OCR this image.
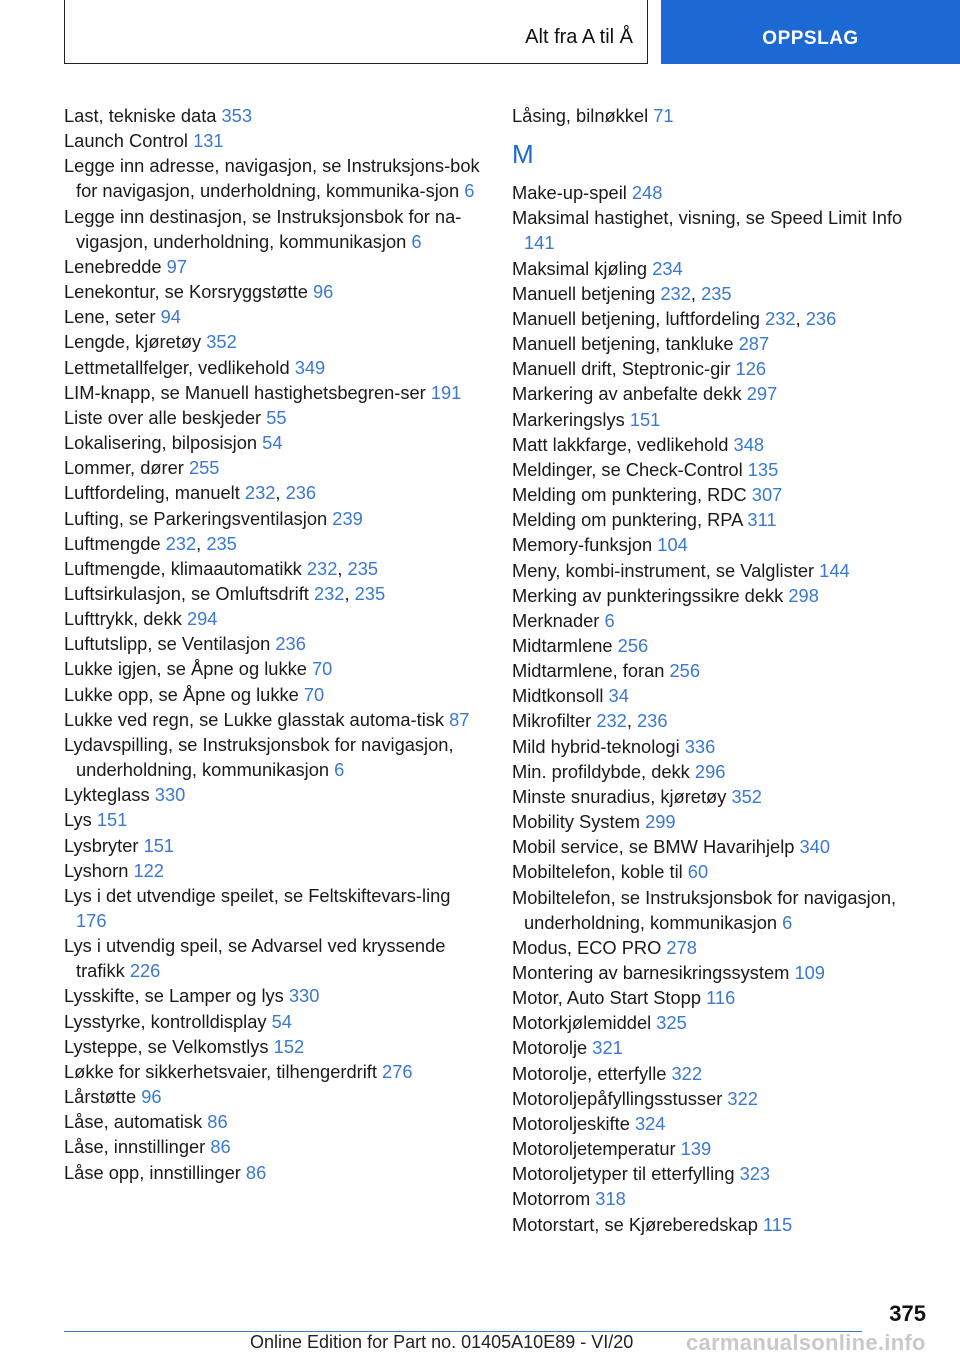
Alt fra A til Å	OPPSLAG

Last, tekniske data 353

Launch Control 131

Legge inn adresse, navigasjon, se Instruksjons-bok for navigasjon, underholdning, kommunika-sjon 6

Legge inn destinasjon, se Instruksjonsbok for na-vigasjon, underholdning, kommunikasjon 6

Lenebredde 97

Lenekontur, se Korsryggstøtte 96

Lene, seter 94

Lengde, kjøretøy 352

Lettmetallfelger, vedlikehold 349

LIM-knapp, se Manuell hastighetsbegren-ser 191

Liste over alle beskjeder 55

Lokalisering, bilposisjon 54

Lommer, dører 255

Luftfordeling, manuelt 232, 236

Lufting, se Parkeringsventilasjon 239

Luftmengde 232, 235

Luftmengde, klimaautomatikk 232, 235

Luftsirkulasjon, se Omluftsdrift 232, 235

Lufttrykk, dekk 294

Luftutslipp, se Ventilasjon 236

Lukke igjen, se Åpne og lukke 70

Lukke opp, se Åpne og lukke 70

Lukke ved regn, se Lukke glasstak automa-tisk 87

Lydavspilling, se Instruksjonsbok for navigasjon, underholdning, kommunikasjon 6

Lykteglass 330

Lys 151

Lysbryter 151

Lyshorn 122

Lys i det utvendige speilet, se Feltskiftevars-ling 176

Lys i utvendig speil, se Advarsel ved kryssende trafikk 226

Lysskifte, se Lamper og lys 330

Lysstyrke, kontrolldisplay 54

Lysteppe, se Velkomstlys 152

Løkke for sikkerhetsvaier, tilhengerdrift 276

Lårstøtte 96

Låse, automatisk 86

Låse, innstillinger 86

Låse opp, innstillinger 86

Låsing, bilnøkkel 71

M

Make-up-speil 248

Maksimal hastighet, visning, se Speed Limit Info 141

Maksimal kjøling 234

Manuell betjening 232, 235

Manuell betjening, luftfordeling 232, 236

Manuell betjening, tankluke 287

Manuell drift, Steptronic-gir 126

Markering av anbefalte dekk 297

Markeringslys 151

Matt lakkfarge, vedlikehold 348

Meldinger, se Check-Control 135

Melding om punktering, RDC 307

Melding om punktering, RPA 311

Memory-funksjon 104

Meny, kombi-instrument, se Valglister 144

Merking av punkteringssikre dekk 298

Merknader 6

Midtarmlene 256

Midtarmlene, foran 256

Midtkonsoll 34

Mikrofilter 232, 236

Mild hybrid-teknologi 336

Min. profildybde, dekk 296

Minste snuradius, kjøretøy 352

Mobility System 299

Mobil service, se BMW Havarihjelp 340

Mobiltelefon, koble til 60

Mobiltelefon, se Instruksjonsbok for navigasjon, underholdning, kommunikasjon 6

Modus, ECO PRO 278

Montering av barnesikringssystem 109

Motor, Auto Start Stopp 116

Motorkjølemiddel 325

Motorolje 321

Motorolje, etterfylle 322

Motoroljepåfyllingsstusser 322

Motoroljeskifte 324

Motoroljetemperatur 139

Motoroljetyper til etterfylling 323

Motorrom 318

Motorstart, se Kjøreberedskap 115

375
Online Edition for Part no. 01405A10E89 - VI/20 carmanualsonline.info
